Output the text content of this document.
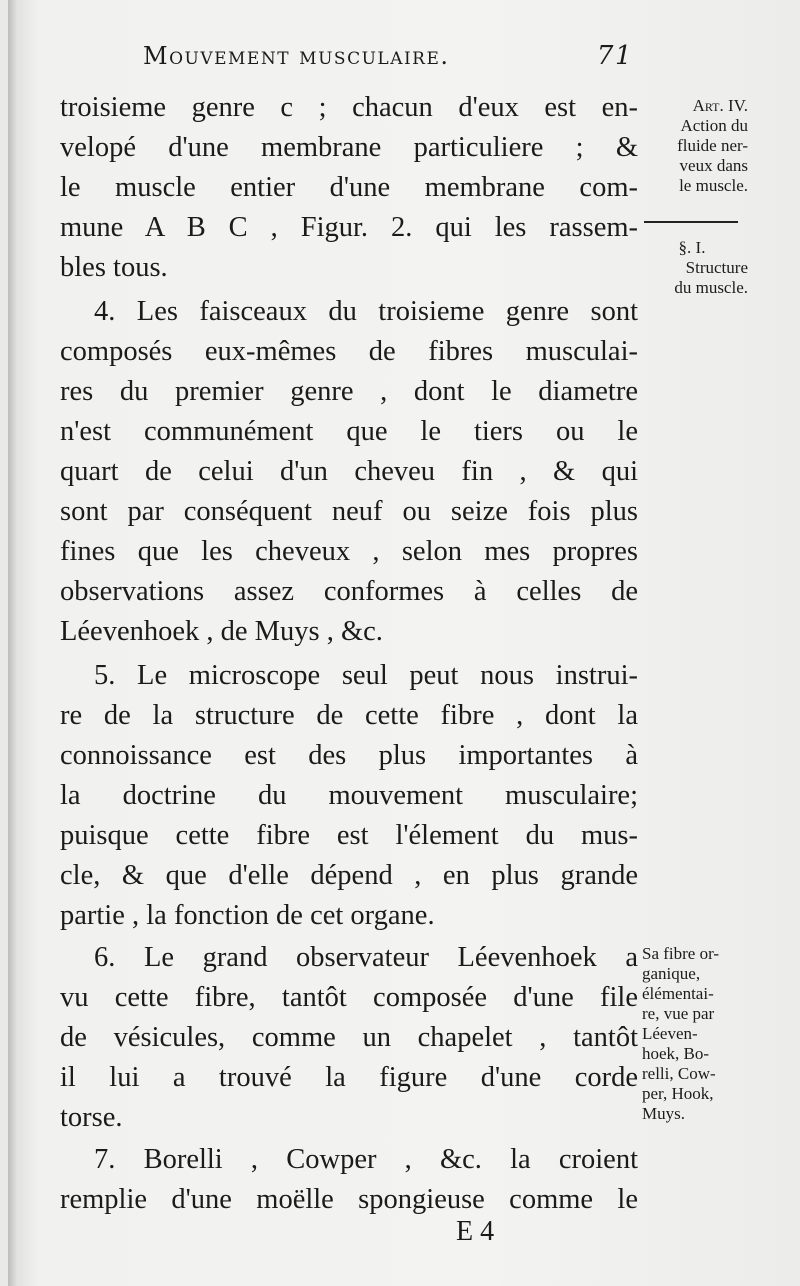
Mouvement musculaire.	71
troisieme genre c ; chacun d'eux est en-
velopé d'une membrane particuliere ; &
le muscle entier d'une membrane com-
mune A B C , Figur. 2. qui les rassem-
bles tous.
4. Les faisceaux du troisieme genre sont
composés eux-mêmes de fibres musculai-
res du premier genre , dont le diametre
n'est communément que le tiers ou le
quart de celui d'un cheveu fin , & qui
sont par conséquent neuf ou seize fois plus
fines que les cheveux , selon mes propres
observations assez conformes à celles de
Léevenhoek , de Muys , &c.
5. Le microscope seul peut nous instrui-
re de la structure de cette fibre , dont la
connoissance est des plus importantes à
la doctrine du mouvement musculaire;
puisque cette fibre est l'élement du mus-
cle, & que d'elle dépend , en plus grande
partie , la fonction de cet organe.
6. Le grand observateur Léevenhoek a
vu cette fibre, tantôt composée d'une file
de vésicules, comme un chapelet , tantôt
il lui a trouvé la figure d'une corde
torse.
7. Borelli , Cowper , &c. la croient
remplie d'une moëlle spongieuse comme le
Art. IV.
Action du
fluide ner-
veux dans
le muscle.
§. I.
Structure
du muscle.
Sa fibre or-
ganique,
élémentai-
re, vue par
Léeven-
hoek, Bo-
relli, Cow-
per, Hook,
Muys.
E 4
